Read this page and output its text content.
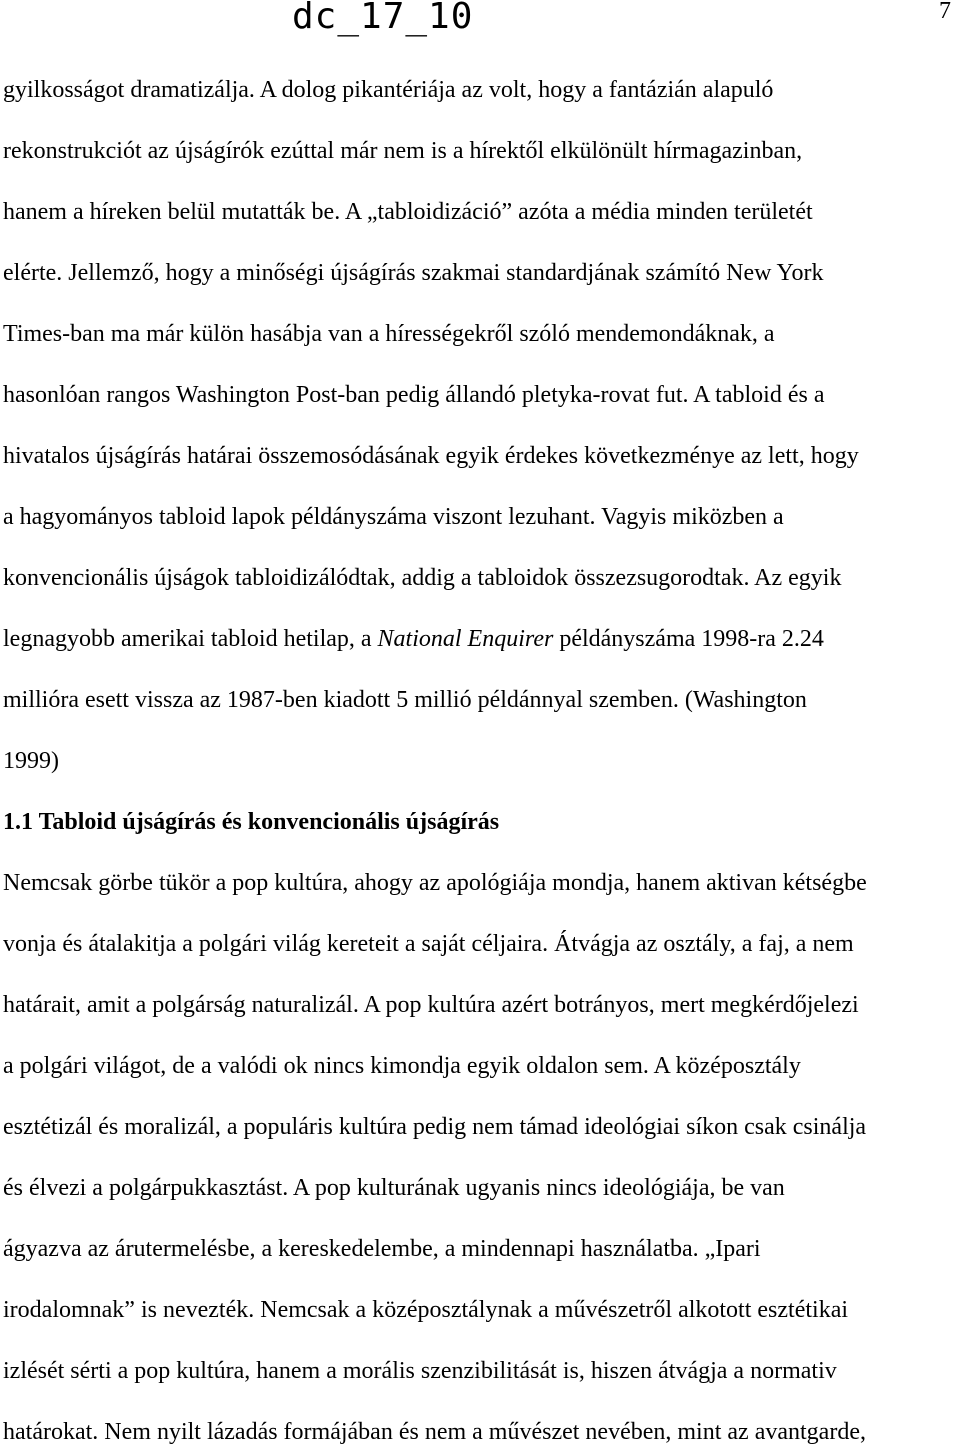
dc_17_10	7
gyilkosságot dramatizálja. A dolog pikantériája az volt, hogy a fantázián alapuló
rekonstrukciót az újságírók ezúttal már nem is a hírektől elkülönült hírmagazinban,
hanem a híreken belül mutatták be. A „tabloidizáció” azóta a média minden területét
elérte. Jellemző, hogy a minőségi újságírás szakmai standardjának számító New York
Times-ban ma már külön hasábja van a hírességekről szóló mendemondáknak, a
hasonlóan rangos Washington Post-ban pedig állandó pletyka-rovat fut. A tabloid és a
hivatalos újságírás határai összemosódásának egyik érdekes következménye az lett, hogy
a hagyományos tabloid lapok példányszáma viszont lezuhant. Vagyis miközben a
konvencionális újságok tabloidizálódtak, addig a tabloidok összezsugorodtak. Az egyik
legnagyobb amerikai tabloid hetilap, a National Enquirer példányszáma 1998-ra 2.24
millióra esett vissza az 1987-ben kiadott 5 millió példánnyal szemben. (Washington
1999)
1.1 Tabloid újságírás és konvencionális újságírás
Nemcsak görbe tükör a pop kultúra, ahogy az apológiája mondja, hanem aktivan kétségbe
vonja és átalakitja a polgári világ kereteit a saját céljaira. Átvágja az osztály, a faj, a nem
határait, amit a polgárság naturalizál. A pop kultúra azért botrányos, mert megkérdőjelezi
a polgári világot, de a valódi ok nincs kimondja egyik oldalon sem. A középosztály
esztétizál és moralizál, a populáris kultúra pedig nem támad ideológiai síkon csak csinálja
és élvezi a polgárpukkasztást. A pop kulturának ugyanis nincs ideológiája, be van
ágyazva az árutermelésbe, a kereskedelembe, a mindennapi használatba. „Ipari
irodalomnak” is nevezték. Nemcsak a középosztálynak a művészetről alkotott esztétikai
izlését sérti a pop kultúra, hanem a morális szenzibilitását is, hiszen átvágja a normativ
határokat. Nem nyilt lázadás formájában és nem a művészet nevében, mint az avantgarde,
